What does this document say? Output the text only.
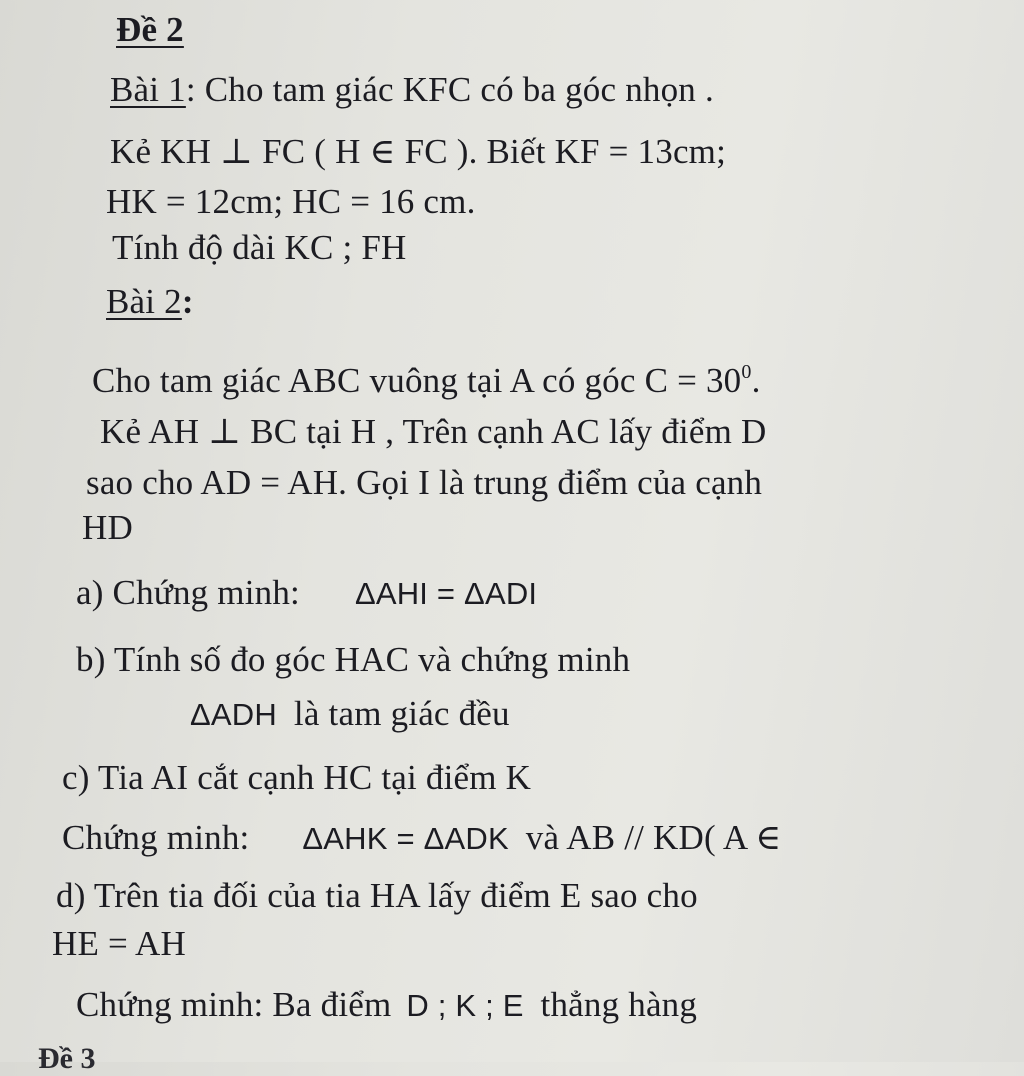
Đề 2
Bài 1: Cho tam giác KFC có ba góc nhọn .
Kẻ KH ⊥ FC ( H ∈ FC ). Biết KF = 13cm;
HK = 12cm; HC = 16 cm.
Tính độ dài KC ; FH
Bài 2:
Cho tam giác ABC vuông tại A có góc $C = 30^0$.
Kẻ AH ⊥ BC tại H , Trên cạnh AC lấy điểm D
sao cho AD = AH. Gọi I là trung điểm của cạnh
HD
a) Chứng minh: ΔAHI = ΔADI
b) Tính số đo góc HAC và chứng minh
ΔADH là tam giác đều
c) Tia AI cắt cạnh HC tại điểm K
Chứng minh: ΔAHK = ΔADK và AB // KD( A ∈
d) Trên tia đối của tia HA lấy điểm E sao cho
HE = AH
Chứng minh: Ba điểm D ; K ; E thẳng hàng
Đề 3
